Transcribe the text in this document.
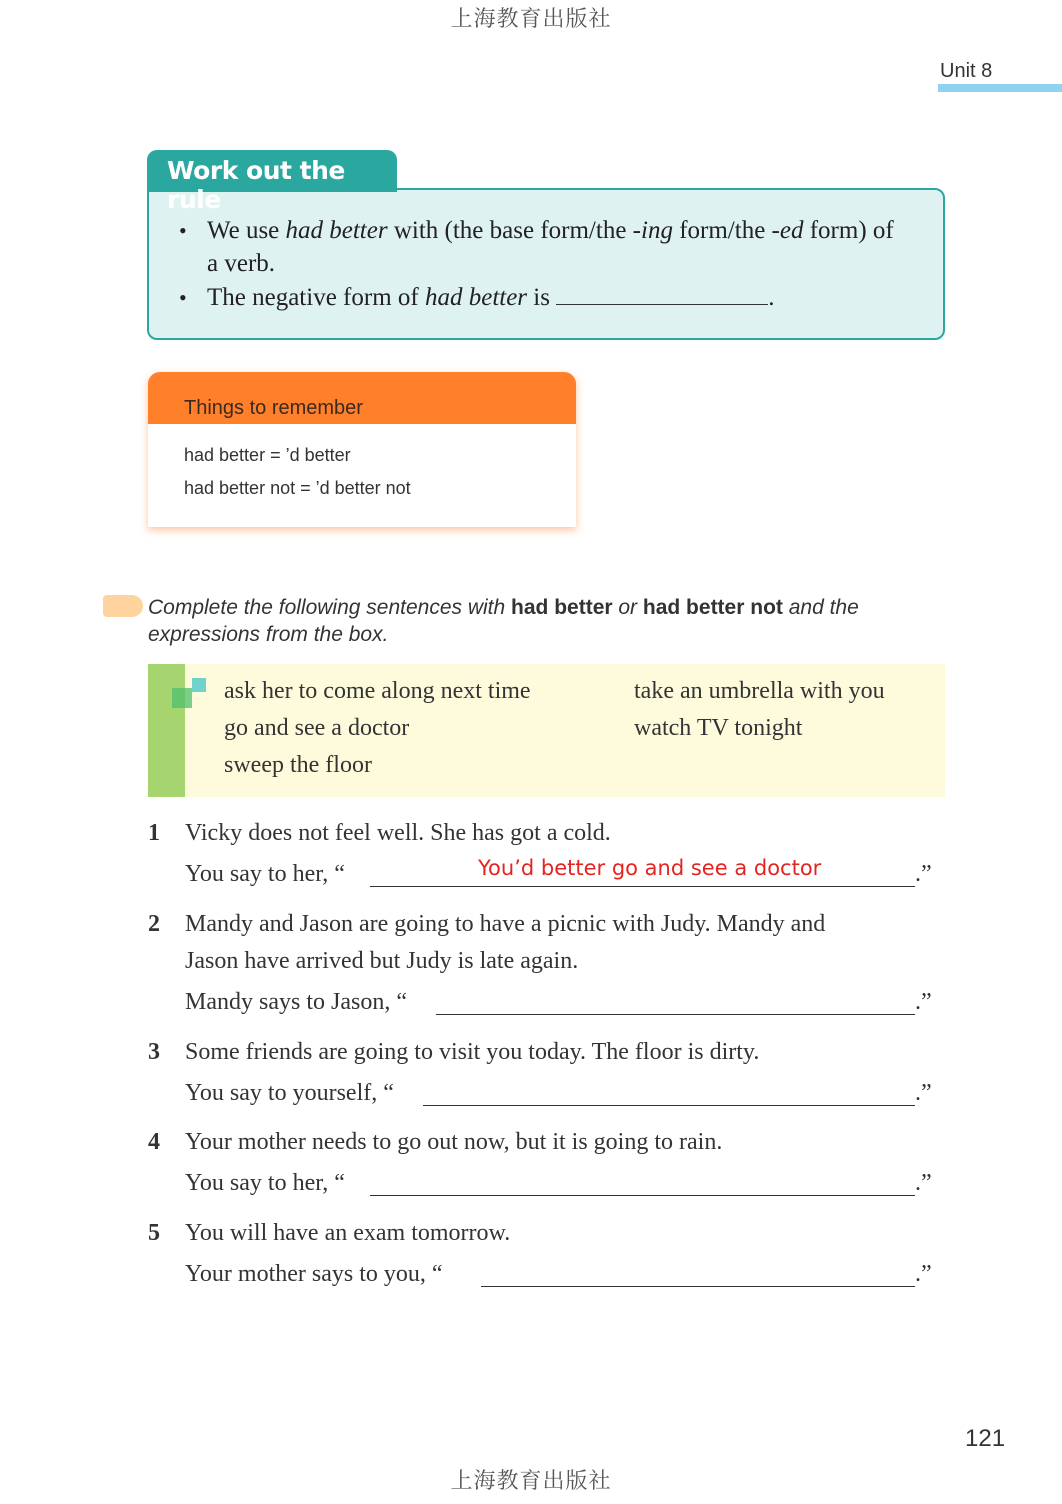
上海教育出版社
Unit 8
• We use had better with (the base form/the -ing form/the -ed form) of a verb.
• The negative form of had better is	.
Work out the rule
Things to remember
had better = ’d better
had better not = ’d better not
Complete the following sentences with had better or had better not and the expressions from the box.
ask her to come along next time
go and see a doctor
sweep the floor
take an umbrella with you
watch TV tonight
1 Vicky does not feel well. She has got a cold.
You say to her, “	You’d better go and see a doctor	.”
2 Mandy and Jason are going to have a picnic with Judy. Mandy and
Jason have arrived but Judy is late again.
Mandy says to Jason, “	.”
3 Some friends are going to visit you today. The floor is dirty.
You say to yourself, “	.”
4 Your mother needs to go out now, but it is going to rain.
You say to her, “	.”
5 You will have an exam tomorrow.
Your mother says to you, “	.”
121
上海教育出版社
